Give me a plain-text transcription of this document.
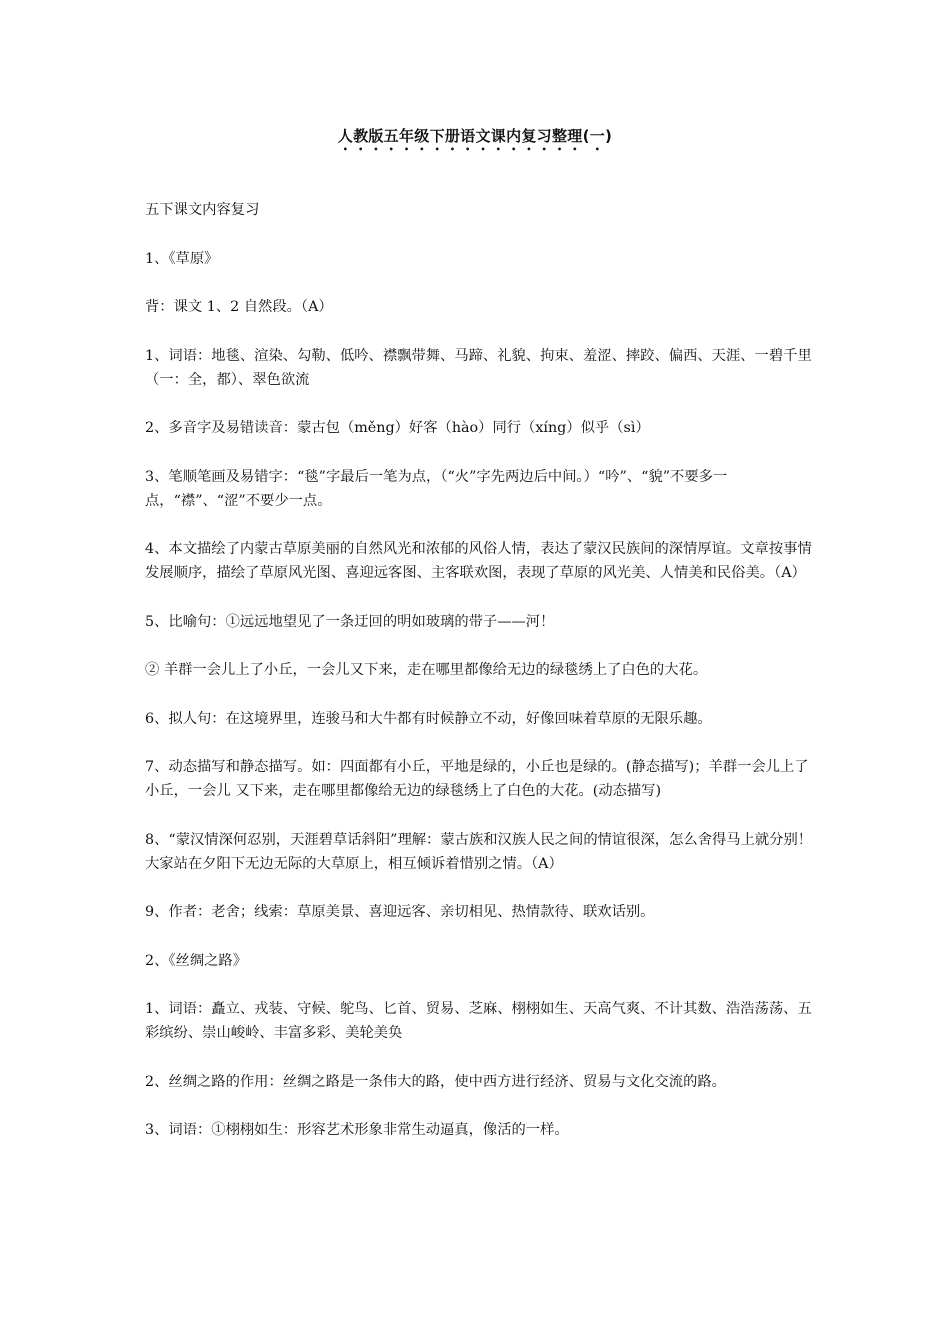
人教版五年级下册语文课内复习整理(一)

五下课文内容复习

1、《草原》

背：课文 1、2 自然段。（A）

1、词语：地毯、渲染、勾勒、低吟、襟飘带舞、马蹄、礼貌、拘束、羞涩、摔跤、偏西、天涯、一碧千里（一：全，都）、翠色欲流

2、多音字及易错读音：蒙古包（měng）好客（hào）同行（xíng）似乎（sì）

3、笔顺笔画及易错字：“毯”字最后一笔为点，（“火”字先两边后中间。）“吟”、“貌”不要多一点，“襟”、“涩”不要少一点。

4、本文描绘了内蒙古草原美丽的自然风光和浓郁的风俗人情，表达了蒙汉民族间的深情厚谊。文章按事情发展顺序，描绘了草原风光图、喜迎远客图、主客联欢图，表现了草原的风光美、人情美和民俗美。（A）

5、比喻句：①远远地望见了一条迂回的明如玻璃的带子——河！

② 羊群一会儿上了小丘，一会儿又下来，走在哪里都像给无边的绿毯绣上了白色的大花。

6、拟人句：在这境界里，连骏马和大牛都有时候静立不动，好像回味着草原的无限乐趣。

7、动态描写和静态描写。如：四面都有小丘，平地是绿的，小丘也是绿的。(静态描写)；羊群一会儿上了小丘，一会儿 又下来，走在哪里都像给无边的绿毯绣上了白色的大花。(动态描写)

8、“蒙汉情深何忍别，天涯碧草话斜阳”理解：蒙古族和汉族人民之间的情谊很深，怎么舍得马上就分别！大家站在夕阳下无边无际的大草原上，相互倾诉着惜别之情。（A）

9、作者：老舍；线索：草原美景、喜迎远客、亲切相见、热情款待、联欢话别。

2、《丝绸之路》

1、词语：矗立、戎装、守候、鸵鸟、匕首、贸易、芝麻、栩栩如生、天高气爽、不计其数、浩浩荡荡、五彩缤纷、崇山峻岭、丰富多彩、美轮美奂

2、丝绸之路的作用：丝绸之路是一条伟大的路，使中西方进行经济、贸易与文化交流的路。

3、词语：①栩栩如生：形容艺术形象非常生动逼真，像活的一样。
